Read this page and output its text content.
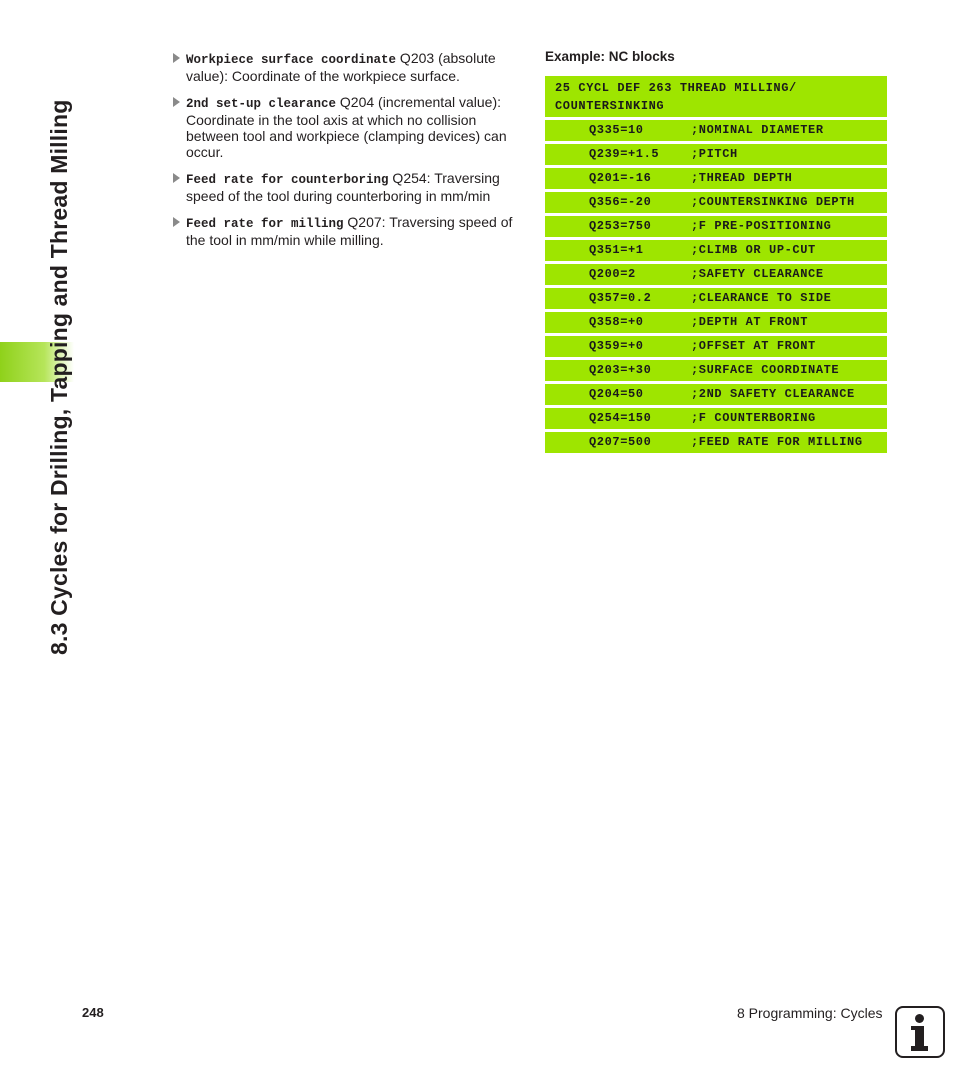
8.3 Cycles for Drilling, Tapping and Thread Milling
Workpiece surface coordinate Q203 (absolute value): Coordinate of the workpiece surface.
2nd set-up clearance Q204 (incremental value): Coordinate in the tool axis at which no collision between tool and workpiece (clamping devices) can occur.
Feed rate for counterboring Q254: Traversing speed of the tool during counterboring in mm/min
Feed rate for milling Q207: Traversing speed of the tool in mm/min while milling.
Example: NC blocks
25 CYCL DEF 263 THREAD MILLING/
COUNTERSINKING
Q335=10	;NOMINAL DIAMETER
Q239=+1.5	;PITCH
Q201=-16	;THREAD DEPTH
Q356=-20	;COUNTERSINKING DEPTH
Q253=750	;F PRE-POSITIONING
Q351=+1	;CLIMB OR UP-CUT
Q200=2	;SAFETY CLEARANCE
Q357=0.2	;CLEARANCE TO SIDE
Q358=+0	;DEPTH AT FRONT
Q359=+0	;OFFSET AT FRONT
Q203=+30	;SURFACE COORDINATE
Q204=50	;2ND SAFETY CLEARANCE
Q254=150	;F COUNTERBORING
Q207=500	;FEED RATE FOR MILLING
248	8 Programming: Cycles
